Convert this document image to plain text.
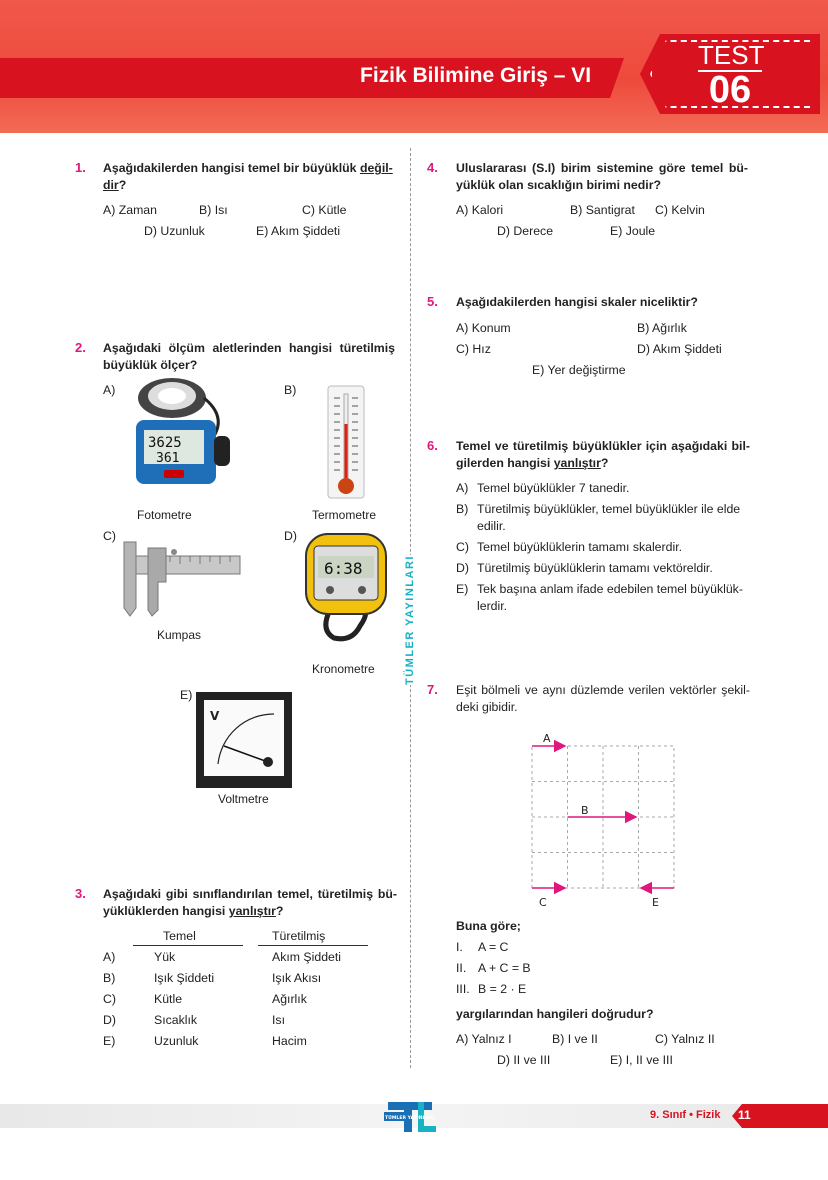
Fizik Bilimine Giriş – VI
TEST
06
TÜMLER YAYINLARI
1. Aşağıdakilerden hangisi temel bir büyüklük değil-
dir?
A) Zaman	B) Isı	C) Kütle
D) Uzunluk	E) Akım Şiddeti
2. Aşağıdaki ölçüm aletlerinden hangisi türetilmiş büyüklük ölçer?
A)	B)
C)	D)
E)
3625
361
Fotometre	Termometre
Kumpas
6:38
Kronometre
V
Voltmetre
3. Aşağıdaki gibi sınıflandırılan temel, türetilmiş bü-yüklüklerden hangisi yanlıştır?
Temel	Türetilmiş
A)	Yük	Akım Şiddeti
B)	Işık Şiddeti	Işık Akısı
C)	Kütle	Ağırlık
D)	Sıcaklık	Isı
E)	Uzunluk	Hacim
4. Uluslararası (S.I) birim sistemine göre temel bü-yüklük olan sıcaklığın birimi nedir?
A) Kalori	B) Santigrat C) Kelvin
D) Derece	E) Joule
5. Aşağıdakilerden hangisi skaler niceliktir?
A) Konum	B) Ağırlık
C) Hız	D) Akım Şiddeti
E) Yer değiştirme
6. Temel ve türetilmiş büyüklükler için aşağıdaki bil-gilerden hangisi yanlıştır?
A) Temel büyüklükler 7 tanedir.
B) Türetilmiş büyüklükler, temel büyüklükler ile elde edilir.
C) Temel büyüklüklerin tamamı skalerdir.
D) Türetilmiş büyüklüklerin tamamı vektöreldir.
E) Tek başına anlam ifade edebilen temel büyüklük-lerdir.
7. Eşit bölmeli ve aynı düzlemde verilen vektörler şekil-deki gibidir.
A
B
C	E
Buna göre;
I. A = C
II. A + C = B
III. B = 2 · E
yargılarından hangileri doğrudur?
A) Yalnız I	B) I ve II	C) Yalnız II
D) II ve III	E) I, II ve III
TÜMLER YAYINLARI	9. Sınıf • Fizik 11
